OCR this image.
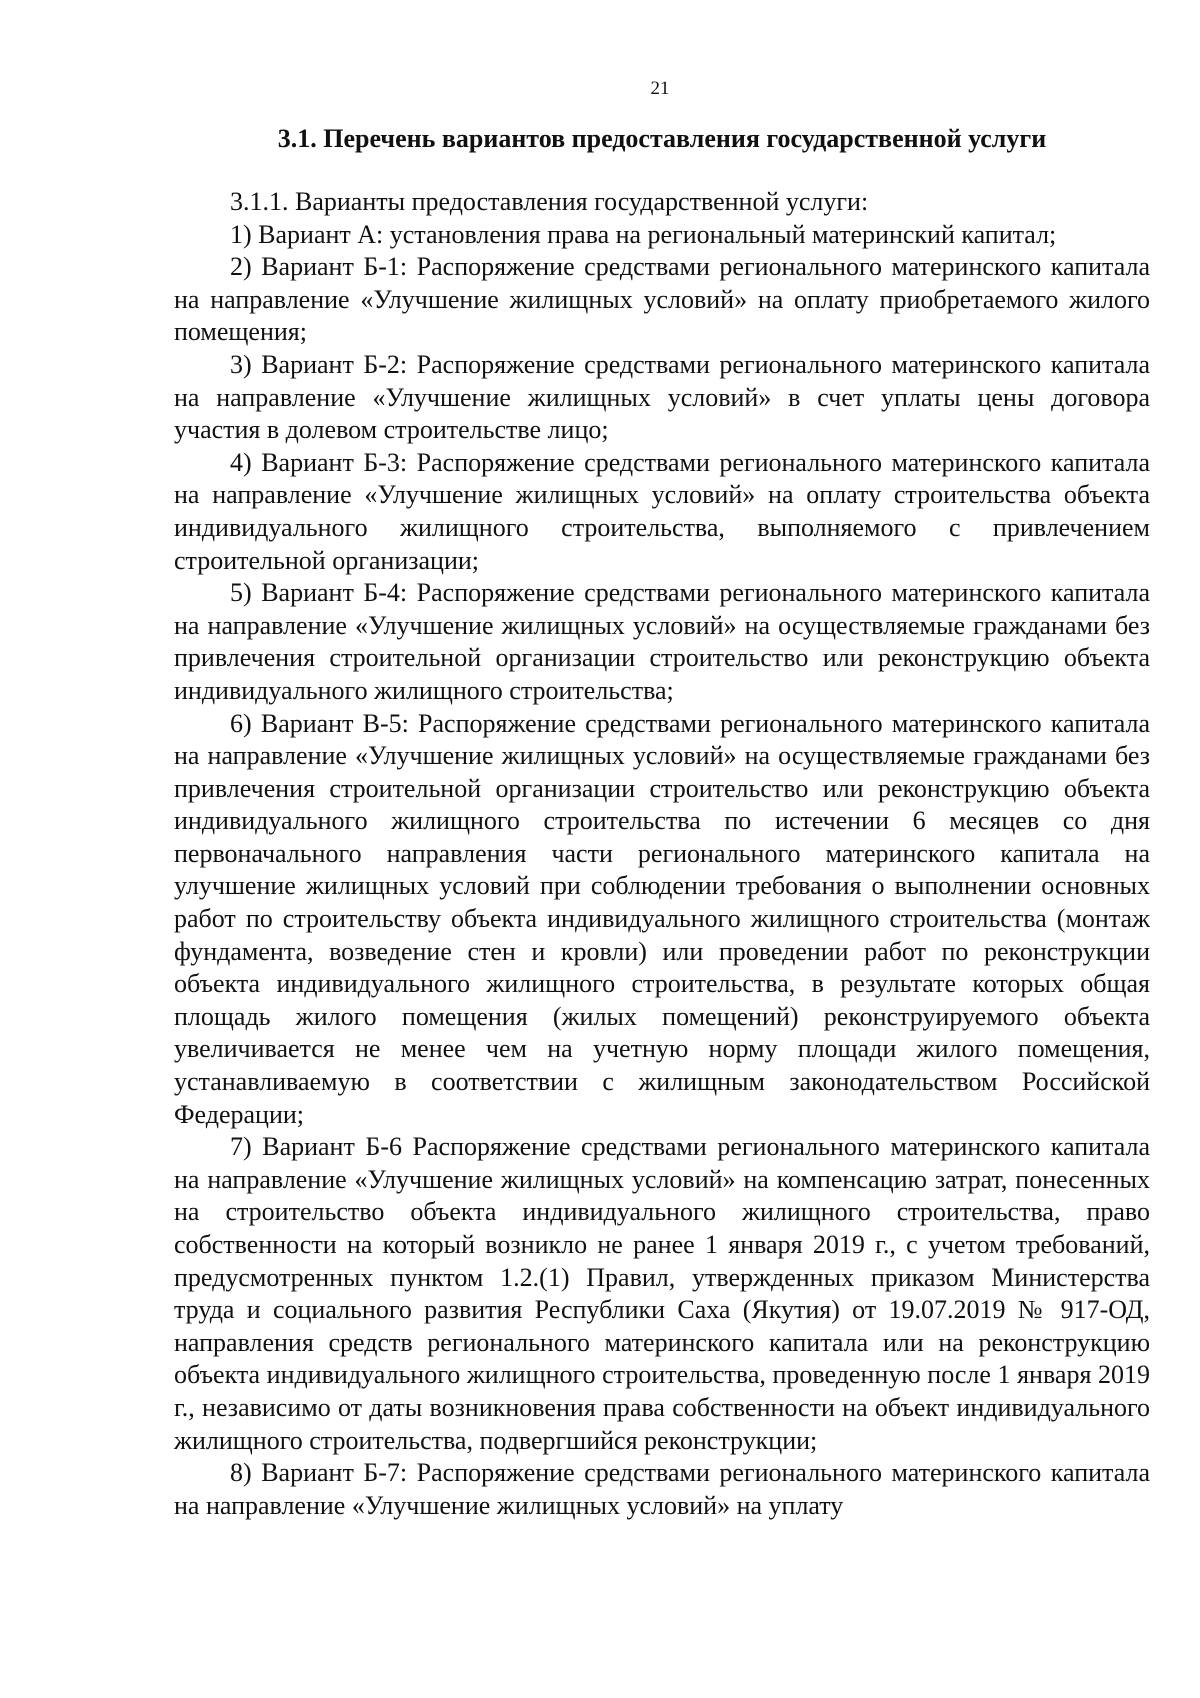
21
3.1. Перечень вариантов предоставления государственной услуги

3.1.1. Варианты предоставления государственной услуги:

1) Вариант А: установления права на региональный материнский капитал;

2) Вариант Б-1: Распоряжение средствами регионального материнского капитала на направление «Улучшение жилищных условий» на оплату приобретаемого жилого помещения;

3) Вариант Б-2: Распоряжение средствами регионального материнского капитала на направление «Улучшение жилищных условий» в счет уплаты цены договора участия в долевом строительстве лицо;

4) Вариант Б-3: Распоряжение средствами регионального материнского капитала на направление «Улучшение жилищных условий» на оплату строительства объекта индивидуального жилищного строительства, выполняемого с привлечением строительной организации;

5) Вариант Б-4: Распоряжение средствами регионального материнского капитала на направление «Улучшение жилищных условий» на осуществляемые гражданами без привлечения строительной организации строительство или реконструкцию объекта индивидуального жилищного строительства;

6) Вариант В-5: Распоряжение средствами регионального материнского капитала на направление «Улучшение жилищных условий» на осуществляемые гражданами без привлечения строительной организации строительство или реконструкцию объекта индивидуального жилищного строительства по истечении 6 месяцев со дня первоначального направления части регионального материнского капитала на улучшение жилищных условий при соблюдении требования о выполнении основных работ по строительству объекта индивидуального жилищного строительства (монтаж фундамента, возведение стен и кровли) или проведении работ по реконструкции объекта индивидуального жилищного строительства, в результате которых общая площадь жилого помещения (жилых помещений) реконструируемого объекта увеличивается не менее чем на учетную норму площади жилого помещения, устанавливаемую в соответствии с жилищным законодательством Российской Федерации;

7) Вариант Б-6 Распоряжение средствами регионального материнского капитала на направление «Улучшение жилищных условий» на компенсацию затрат, понесенных на строительство объекта индивидуального жилищного строительства, право собственности на который возникло не ранее 1 января 2019 г., с учетом требований, предусмотренных пунктом 1.2.(1) Правил, утвержденных приказом Министерства труда и социального развития Республики Саха (Якутия) от 19.07.2019 № 917-ОД, направления средств регионального материнского капитала или на реконструкцию объекта индивидуального жилищного строительства, проведенную после 1 января 2019 г., независимо от даты возникновения права собственности на объект индивидуального жилищного строительства, подвергшийся реконструкции;

8) Вариант Б-7: Распоряжение средствами регионального материнского капитала на направление «Улучшение жилищных условий» на уплату
